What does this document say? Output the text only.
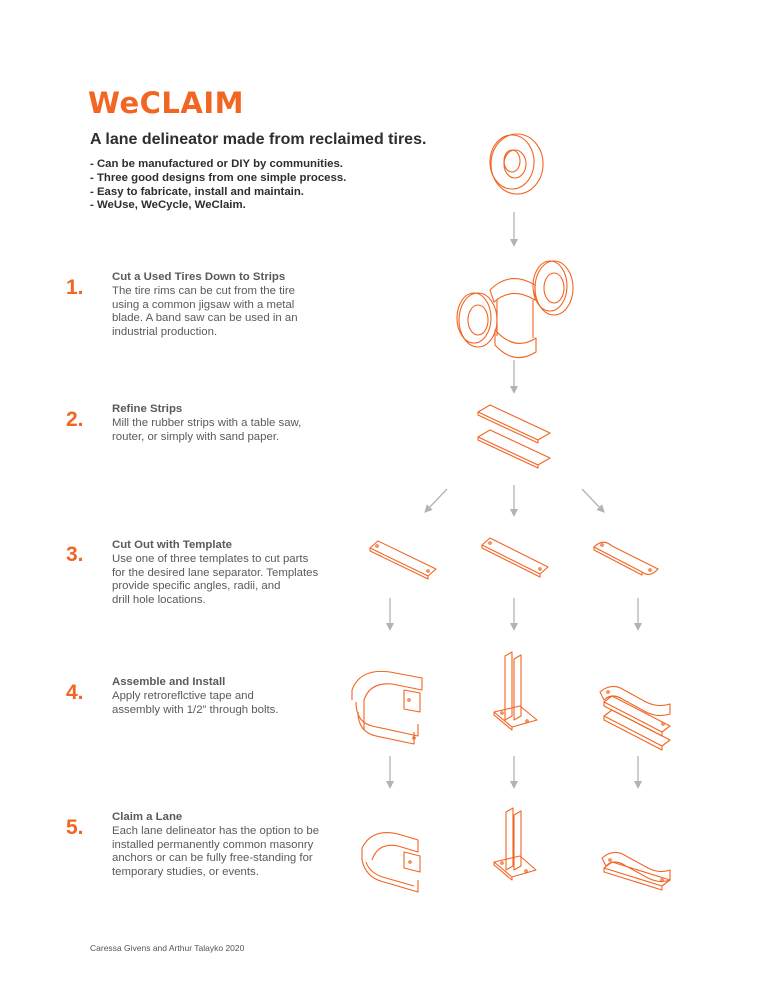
WeCLAIM
A lane delineator made from reclaimed tires.
- Can be manufactured or DIY by communities.
- Three good designs from one simple process.
- Easy to fabricate, install and maintain.
- WeUse, WeCycle, WeClaim.
1. Cut a Used Tires Down to Strips
The tire rims can be cut from the tire
using a common jigsaw with a metal
blade. A band saw can be used in an
industrial production.
2. Refine Strips
Mill the rubber strips with a table saw,
router, or simply with sand paper.
3. Cut Out with Template
Use one of three templates to cut parts
for the desired lane separator. Templates
provide specific angles, radii, and
drill hole locations.
4. Assemble and Install
Apply retroreflctive tape and
assembly with 1/2” through bolts.
5. Claim a Lane
Each lane delineator has the option to be
installed permanently common masonry
anchors or can be fully free-standing for
temporary studies, or events.
Caressa Givens and Arthur Talayko 2020
